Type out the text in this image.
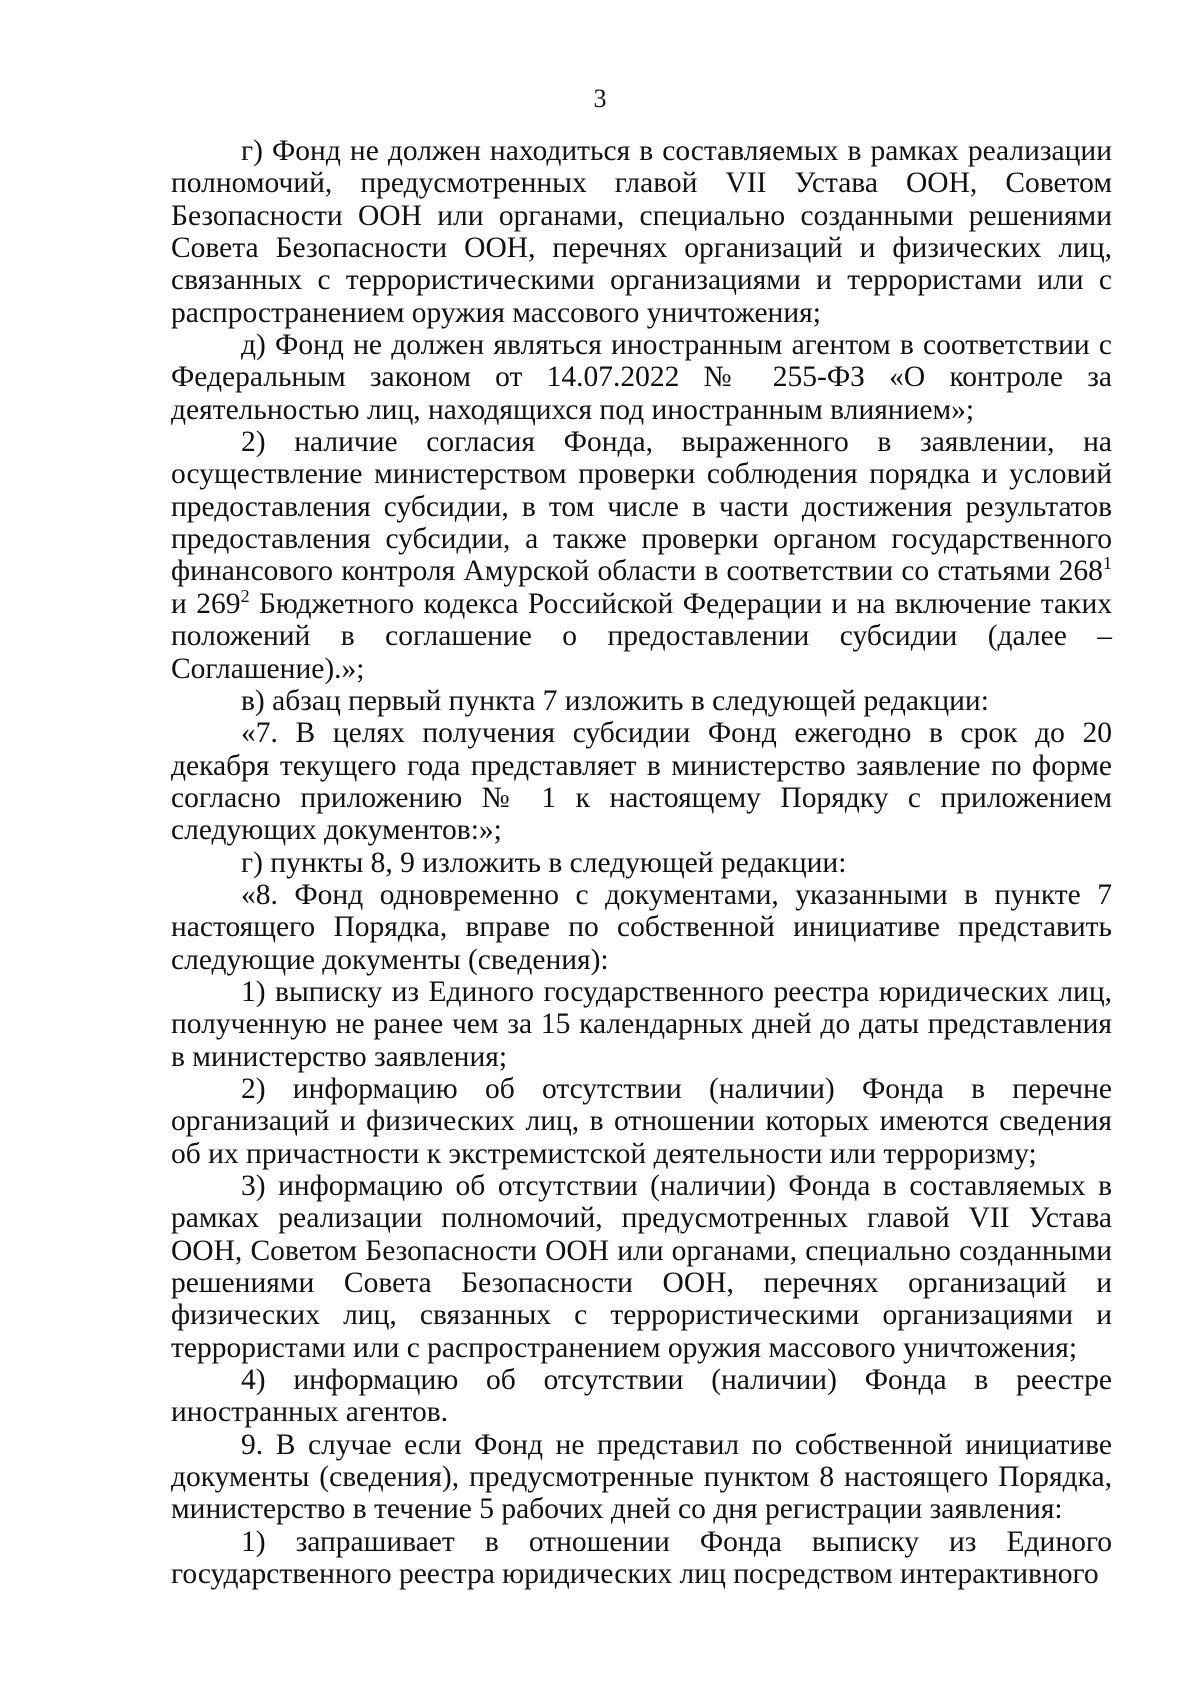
3

г) Фонд не должен находиться в составляемых в рамках реализации полномочий, предусмотренных главой VII Устава ООН, Советом Безопасности ООН или органами, специально созданными решениями Совета Безопасности ООН, перечнях организаций и физических лиц, связанных с террористическими организациями и террористами или с распространением оружия массового уничтожения;

д) Фонд не должен являться иностранным агентом в соответствии с Федеральным законом от 14.07.2022 № 255-ФЗ «О контроле за деятельностью лиц, находящихся под иностранным влиянием»;

2) наличие согласия Фонда, выраженного в заявлении, на осуществление министерством проверки соблюдения порядка и условий предоставления субсидии, в том числе в части достижения результатов предоставления субсидии, а также проверки органом государственного финансового контроля Амурской области в соответствии со статьями $268^1$ и $269^2$ Бюджетного кодекса Российской Федерации и на включение таких положений в соглашение о предоставлении субсидии (далее – Соглашение).»;

в) абзац первый пункта 7 изложить в следующей редакции:

«7. В целях получения субсидии Фонд ежегодно в срок до 20 декабря текущего года представляет в министерство заявление по форме согласно приложению № 1 к настоящему Порядку с приложением следующих документов:»;

г) пункты 8, 9 изложить в следующей редакции:

«8. Фонд одновременно с документами, указанными в пункте 7 настоящего Порядка, вправе по собственной инициативе представить следующие документы (сведения):

1) выписку из Единого государственного реестра юридических лиц, полученную не ранее чем за 15 календарных дней до даты представления в министерство заявления;

2) информацию об отсутствии (наличии) Фонда в перечне организаций и физических лиц, в отношении которых имеются сведения об их причастности к экстремистской деятельности или терроризму;

3) информацию об отсутствии (наличии) Фонда в составляемых в рамках реализации полномочий, предусмотренных главой VII Устава ООН, Советом Безопасности ООН или органами, специально созданными решениями Совета Безопасности ООН, перечнях организаций и физических лиц, связанных с террористическими организациями и террористами или с распространением оружия массового уничтожения;

4) информацию об отсутствии (наличии) Фонда в реестре иностранных агентов.

9. В случае если Фонд не представил по собственной инициативе документы (сведения), предусмотренные пунктом 8 настоящего Порядка, министерство в течение 5 рабочих дней со дня регистрации заявления:

1) запрашивает в отношении Фонда выписку из Единого государственного реестра юридических лиц посредством интерактивного
